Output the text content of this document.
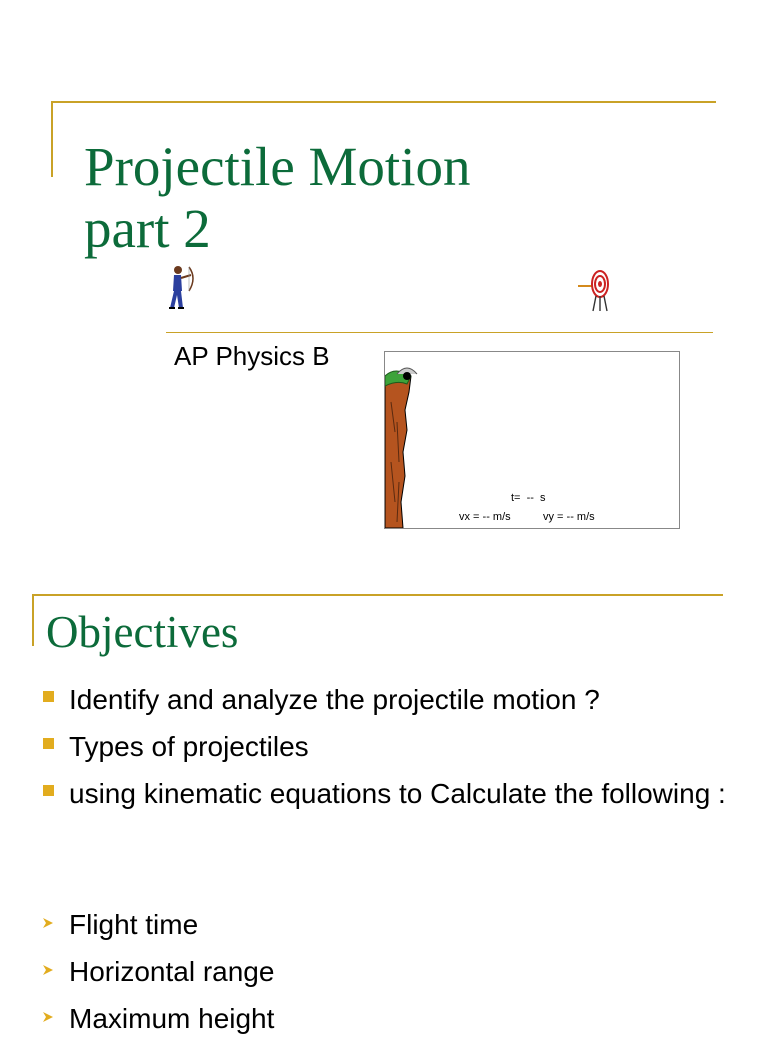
Projectile Motion
part 2
AP Physics B
t=  --  s
vx = -- m/s	vy = -- m/s
Objectives
Identify and analyze the projectile motion ?
Types of projectiles
using kinematic equations to Calculate the following :
Flight time
Horizontal range
Maximum height
